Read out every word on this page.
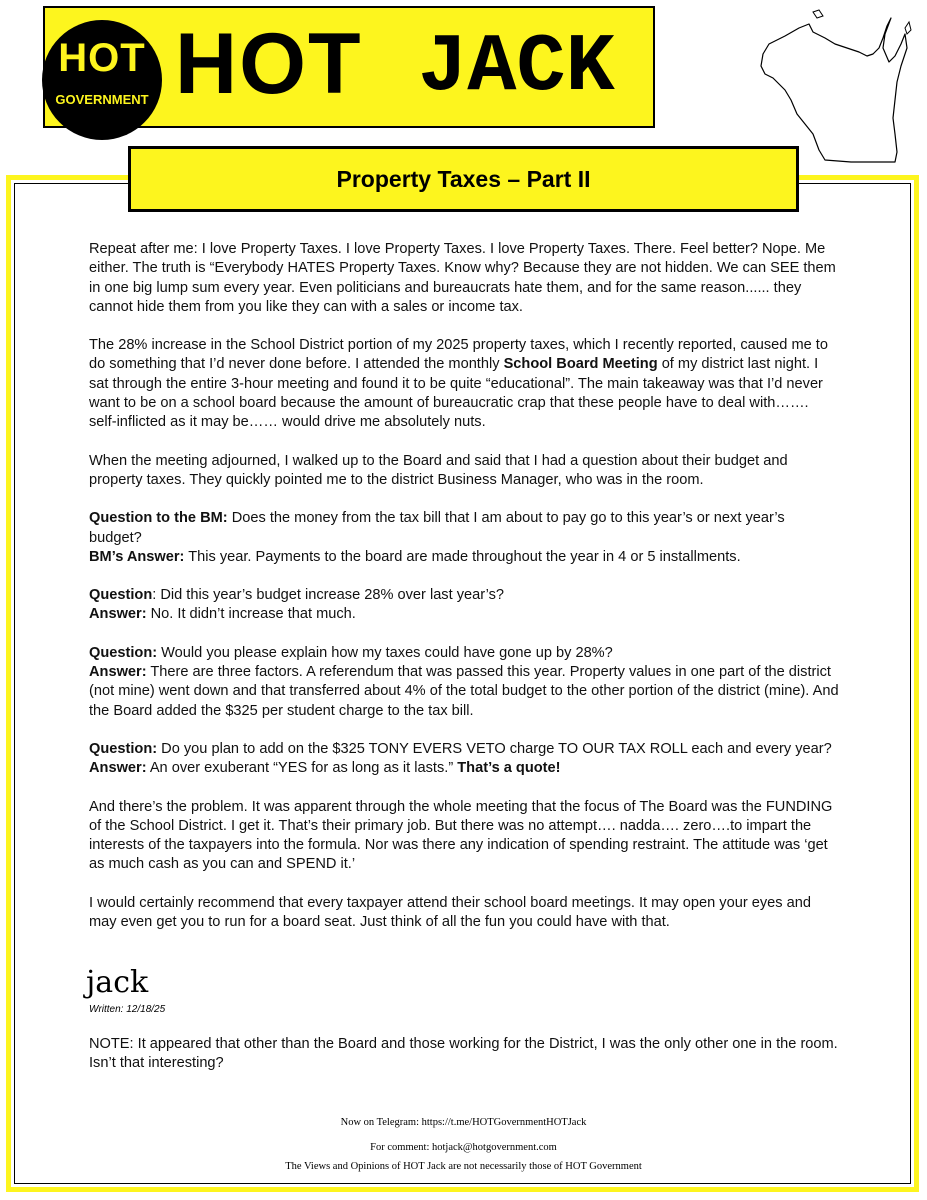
HOT
GOVERNMENT HOT JACK
Property Taxes – Part II

Repeat after me: I love Property Taxes. I love Property Taxes. I love Property Taxes. There. Feel better? Nope. Me either. The truth is “Everybody HATES Property Taxes. Know why? Because they are not hidden. We can SEE them in one big lump sum every year. Even politicians and bureaucrats hate them, and for the same reason...... they cannot hide them from you like they can with a sales or income tax.

The 28% increase in the School District portion of my 2025 property taxes, which I recently reported, caused me to do something that I’d never done before. I attended the monthly School Board Meeting of my district last night. I sat through the entire 3-hour meeting and found it to be quite “educational”. The main takeaway was that I’d never want to be on a school board because the amount of bureaucratic crap that these people have to deal with……. self-inflicted as it may be…… would drive me absolutely nuts.

When the meeting adjourned, I walked up to the Board and said that I had a question about their budget and property taxes. They quickly pointed me to the district Business Manager, who was in the room.

Question to the BM: Does the money from the tax bill that I am about to pay go to this year’s or next year’s budget?

BM’s Answer: This year. Payments to the board are made throughout the year in 4 or 5 installments.

Question: Did this year’s budget increase 28% over last year’s?

Answer: No. It didn’t increase that much.

Question: Would you please explain how my taxes could have gone up by 28%?

Answer: There are three factors. A referendum that was passed this year. Property values in one part of the district (not mine) went down and that transferred about 4% of the total budget to the other portion of the district (mine). And the Board added the $325 per student charge to the tax bill.

Question: Do you plan to add on the $325 TONY EVERS VETO charge TO OUR TAX ROLL each and every year?

Answer: An over exuberant “YES for as long as it lasts.” That’s a quote!

And there’s the problem. It was apparent through the whole meeting that the focus of The Board was the FUNDING of the School District. I get it. That’s their primary job. But there was no attempt…. nadda…. zero….to impart the interests of the taxpayers into the formula. Nor was there any indication of spending restraint. The attitude was ‘get as much cash as you can and SPEND it.’

I would certainly recommend that every taxpayer attend their school board meetings. It may open your eyes and may even get you to run for a board seat. Just think of all the fun you could have with that.

jack
Written: 12/18/25
NOTE: It appeared that other than the Board and those working for the District, I was the only other one in the room. Isn’t that interesting?
Now on Telegram: https://t.me/HOTGovernmentHOTJack
For comment: hotjack@hotgovernment.com
The Views and Opinions of HOT Jack are not necessarily those of HOT Government
